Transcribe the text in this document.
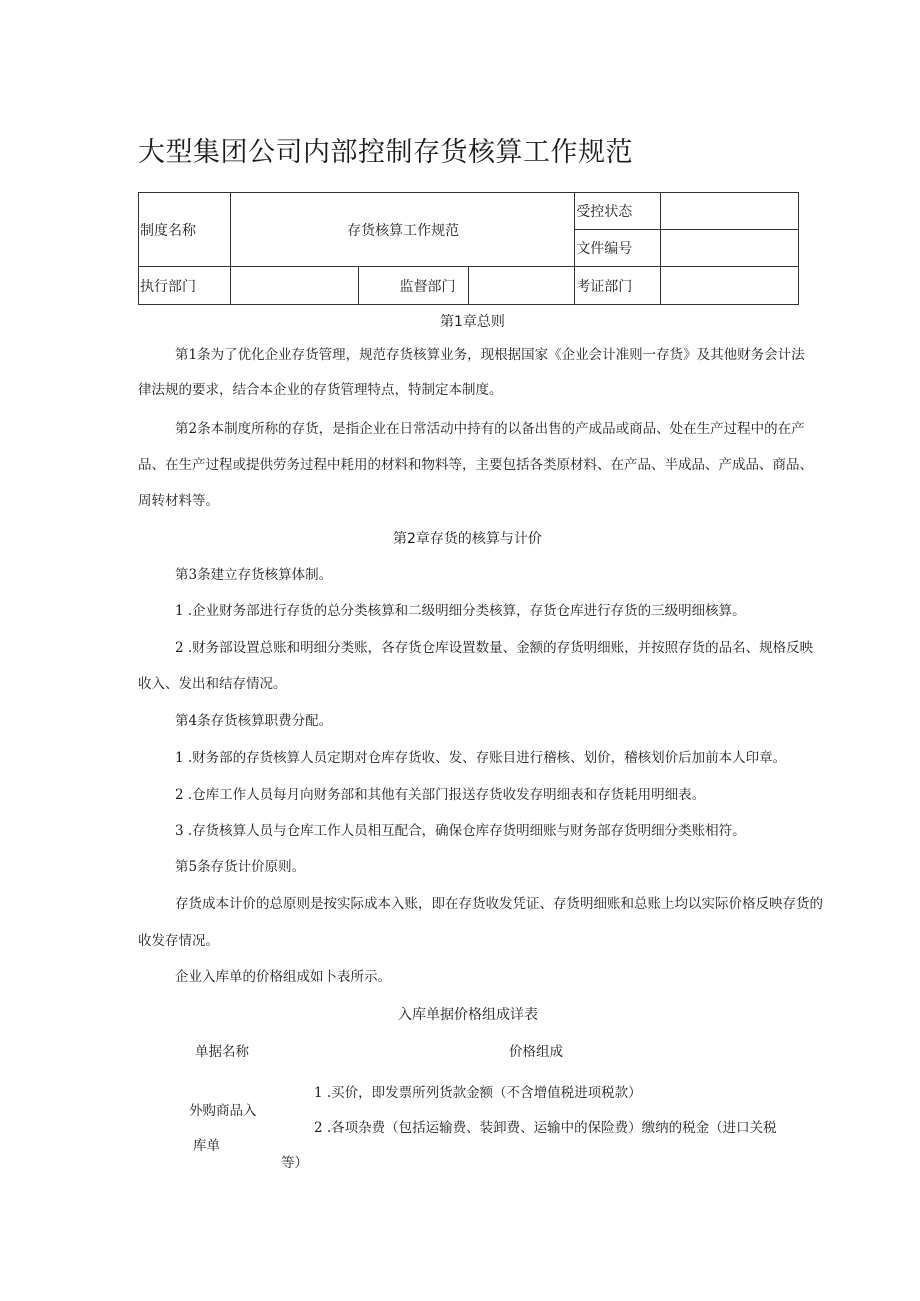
大型集团公司内部控制存货核算工作规范
制度名称	存货核算工作规范			受控状态	
				文件编号	
执行部门		监督部门		考证部门	
第1章总则
第1条为了优化企业存货管理，规范存货核算业务，现根据国家《企业会计准则一存货》及其他财务会计法
律法规的要求，结合本企业的存货管理特点，特制定本制度。
第2条本制度所称的存货，是指企业在日常活动中持有的以备出售的产成品或商品、处在生产过程中的在产
品、在生产过程或提供劳务过程中耗用的材料和物料等，主要包括各类原材料、在产品、半成品、产成品、商品、
周转材料等。
第2章存货的核算与计价
第3条建立存货核算体制。
1 .企业财务部进行存货的总分类核算和二级明细分类核算，存货仓库进行存货的三级明细核算。
2 .财务部设置总账和明细分类账，各存货仓库设置数量、金额的存货明细账，并按照存货的品名、规格反映
收入、发出和结存情况。
第4条存货核算职费分配。
1 .财务部的存货核算人员定期对仓库存货收、发、存账目进行稽核、划价，稽核划价后加前本人印章。
2 .仓库工作人员每月向财务部和其他有关部门报送存货收发存明细表和存货耗用明细表。
3 .存货核算人员与仓库工作人员相互配合，确保仓库存货明细账与财务部存货明细分类账相符。
第5条存货计价原则。
存货成本计价的总原则是按实际成本入账，即在存货收发凭证、存货明细账和总账上均以实际价格反映存货的
收发存情况。
企业入库单的价格组成如卜表所示。
入库单据价格组成详表
单据名称	价格组成
外购商品入
库单
1 .买价，即发票所列货款金额（不含增值税进项税款）
2 .各项杂费（包括运输费、装卸费、运输中的保险费）缴纳的税金（进口关税
等）
